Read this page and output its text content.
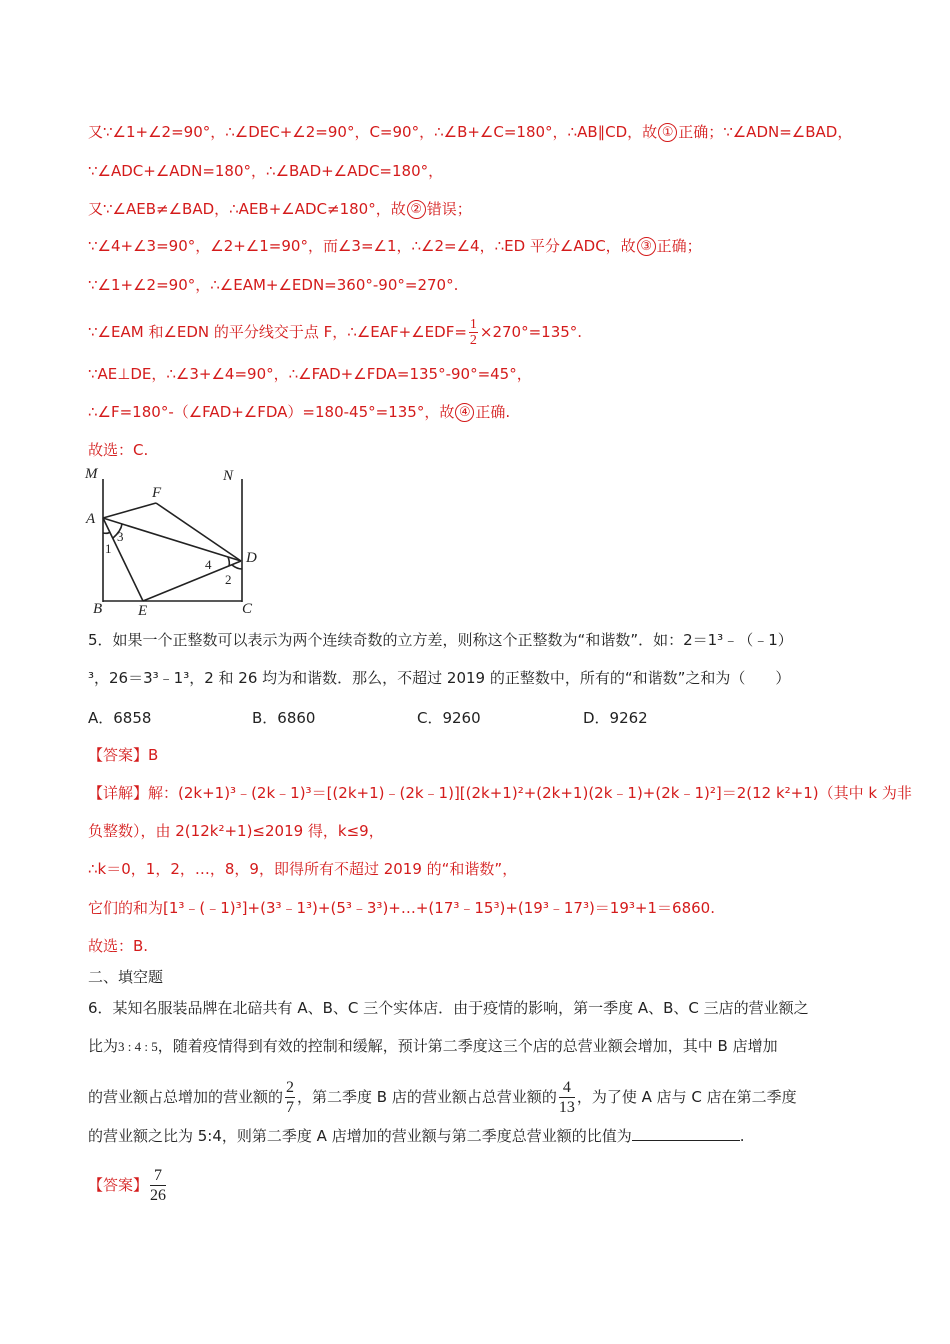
又∵∠1+∠2=90°，∴∠DEC+∠2=90°，C=90°，∴∠B+∠C=180°，∴AB∥CD，故 ① 正确；∵∠ADN=∠BAD，
∵∠ADC+∠ADN=180°，∴∠BAD+∠ADC=180°，
又∵∠AEB≠∠BAD，∴AEB+∠ADC≠180°，故 ② 错误；
∵∠4+∠3=90°，∠2+∠1=90°，而∠3=∠1，∴∠2=∠4，∴ED 平分∠ADC，故 ③ 正确；
∵∠1+∠2=90°，∴∠EAM+∠EDN=360°-90°=270°.
∵∠EAM 和∠EDN 的平分线交于点 F，∴∠EAF+∠EDF= $\frac{1}{2} \times 270^\circ=135^\circ$.
∵AE⊥DE，∴∠3+∠4=90°，∴∠FAD+∠FDA=135°-90°=45°，
∴∠F=180°-（∠FAD+∠FDA）=180-45°=135°，故 ④ 正确.
故选：C.
M	N
F
A
3
1
D
4
2
B E	C
5．如果一个正整数可以表示为两个连续奇数的立方差，则称这个正整数为“和谐数”．如：2＝1³﹣（﹣1）
³，26＝3³﹣1³，2 和 26 均为和谐数．那么，不超过 2019 的正整数中，所有的“和谐数”之和为（　　）
A．6858	B．6860	C．9260	D．9262
【答案】B
【详解】解：(2k+1)³﹣(2k﹣1)³＝[(2k+1)﹣(2k﹣1)][(2k+1)²+(2k+1)(2k﹣1)+(2k﹣1)²]＝2(12 k²+1)（其中 k 为非
负整数），由 2(12k²+1)≤2019 得，k≤9，
∴k＝0，1，2，…，8，9，即得所有不超过 2019 的“和谐数”，
它们的和为[1³﹣(﹣1)³]+(3³﹣1³)+(5³﹣3³)+…+(17³﹣15³)+(19³﹣17³)＝19³+1＝6860.
故选：B.
二、填空题
6．某知名服装品牌在北碚共有 A、B、C 三个实体店．由于疫情的影响，第一季度 A、B、C 三店的营业额之
比为3 : 4 : 5，随着疫情得到有效的控制和缓解，预计第二季度这三个店的总营业额会增加，其中 B 店增加
的营业额占总增加的营业额的 $\frac{2}{7}$ ，第二季度 B 店的营业额占总营业额的 $\frac{4}{13}$ ，为了使 A 店与 C 店在第二季度
的营业额之比为 5:4，则第二季度 A 店增加的营业额与第二季度总营业额的比值为	.
【答案】 $\frac{7}{26}$
